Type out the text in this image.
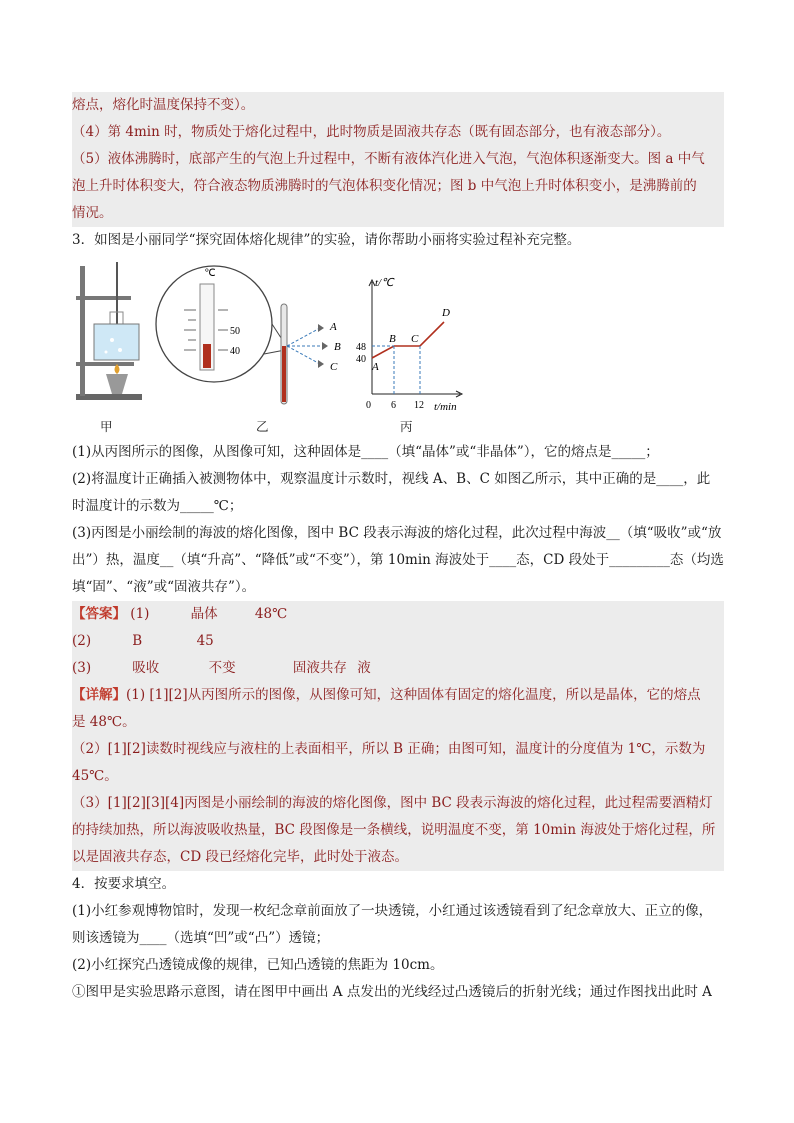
熔点，熔化时温度保持不变）。
（4）第 4min 时，物质处于熔化过程中，此时物质是固液共存态（既有固态部分，也有液态部分）。
（5）液体沸腾时，底部产生的气泡上升过程中，不断有液体汽化进入气泡，气泡体积逐渐变大。图 a 中气
泡上升时体积变大，符合液态物质沸腾时的气泡体积变化情况；图 b 中气泡上升时体积变小，是沸腾前的
情况。
3．如图是小丽同学“探究固体熔化规律”的实验，请你帮助小丽将实验过程补充完整。
℃
50
40
A
B
C
t/℃
t/min
48
40
0 6 12
A
B C
D
甲	乙	丙
(1)从丙图所示的图像，从图像可知，这种固体是____（填“晶体”或“非晶体”），它的熔点是_____；
(2)将温度计正确插入被测物体中，观察温度计示数时，视线 A、B、C 如图乙所示，其中正确的是____，此
时温度计的示数为_____℃；
(3)丙图是小丽绘制的海波的熔化图像，图中 BC 段表示海波的熔化过程，此次过程中海波__（填“吸收”或“放
出”）热，温度__（填“升高”、“降低”或“不变”），第 10min 海波处于____态，CD 段处于_________态（均选
填“固”、“液”或“固液共存”）。
【答案】 (1)	晶体	48℃
(2)	B	45
(3)	吸收	不变	固液共存 液
【详解】(1) [1][2]从丙图所示的图像，从图像可知，这种固体有固定的熔化温度，所以是晶体，它的熔点
是 48℃。
（2）[1][2]读数时视线应与液柱的上表面相平，所以 B 正确；由图可知，温度计的分度值为 1℃，示数为
45℃。
（3）[1][2][3][4]丙图是小丽绘制的海波的熔化图像，图中 BC 段表示海波的熔化过程，此过程需要酒精灯
的持续加热，所以海波吸收热量，BC 段图像是一条横线，说明温度不变，第 10min 海波处于熔化过程，所
以是固液共存态，CD 段已经熔化完毕，此时处于液态。
4．按要求填空。
(1)小红参观博物馆时，发现一枚纪念章前面放了一块透镜，小红通过该透镜看到了纪念章放大、正立的像，
则该透镜为____（选填“凹”或“凸”）透镜；
(2)小红探究凸透镜成像的规律，已知凸透镜的焦距为 10cm。
①图甲是实验思路示意图，请在图甲中画出 A 点发出的光线经过凸透镜后的折射光线；通过作图找出此时 A
